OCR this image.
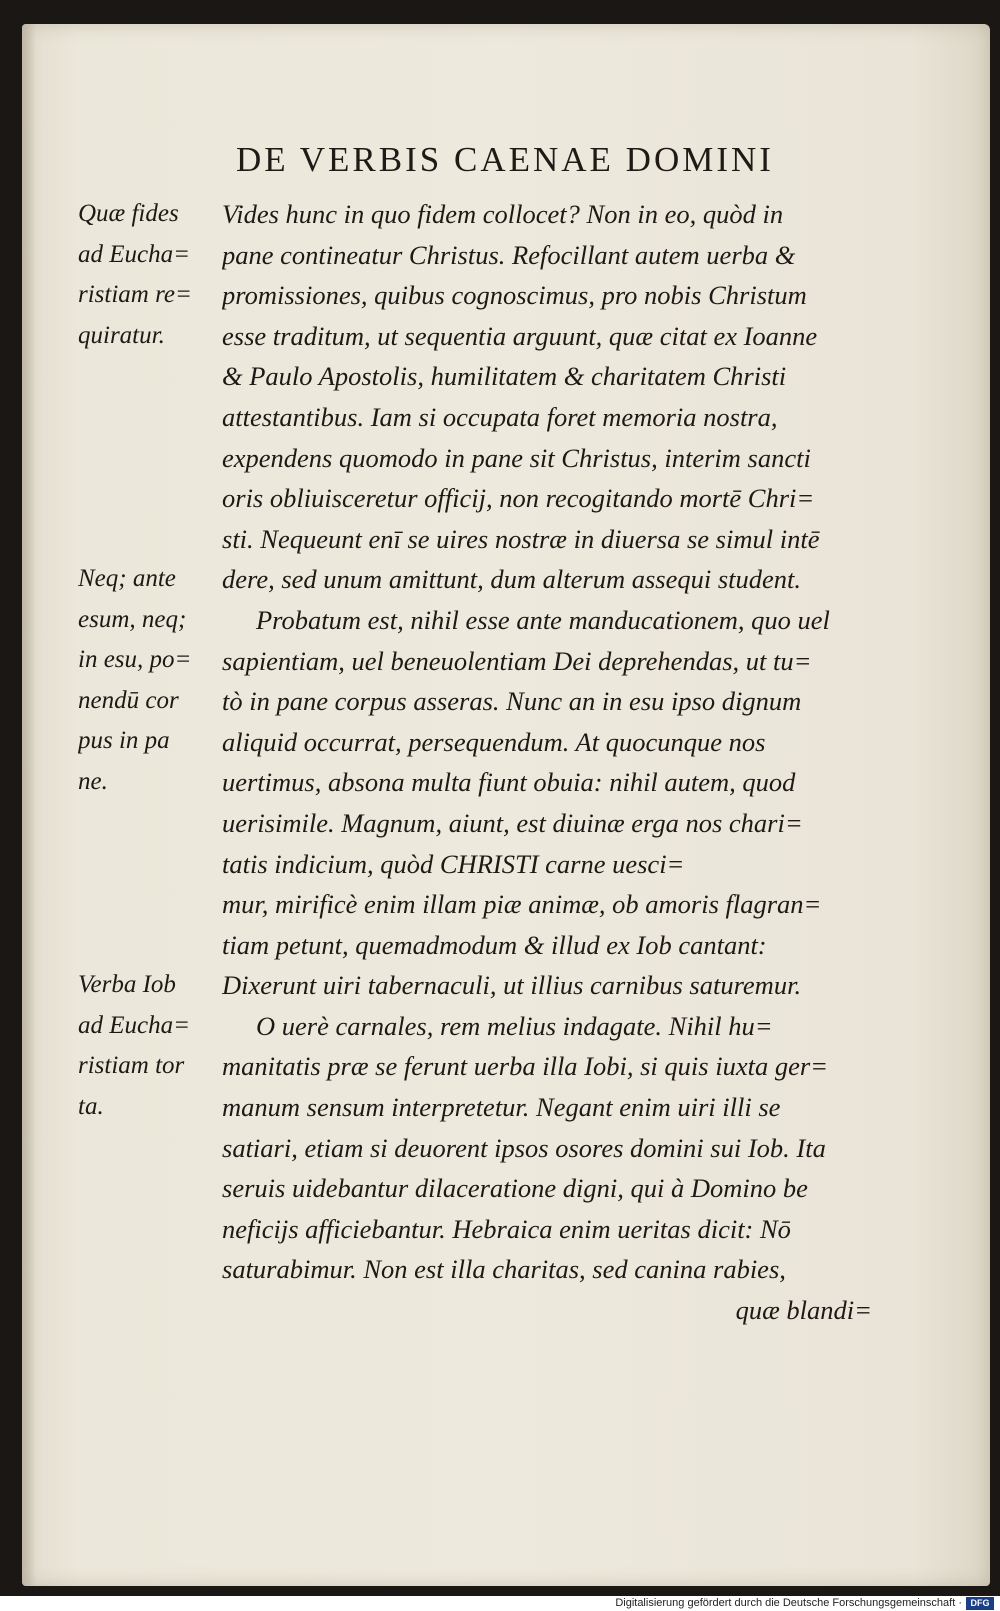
DE VERBIS CAENAE DOMINI
Vides hunc in quo fidem collocet? Non in eo, quòd in
pane contineatur Christus. Refocillant autem uerba &
promissiones, quibus cognoscimus, pro nobis Christum
esse traditum, ut sequentia arguunt, quæ citat ex Ioanne
& Paulo Apostolis, humilitatem & charitatem Christi
attestantibus. Iam si occupata foret memoria nostra,
expendens quomodo in pane sit Christus, interim sancti
oris obliuisceretur officij, non recogitando mortē Chri=
sti. Nequeunt enī se uires nostræ in diuersa se simul intē
dere, sed unum amittunt, dum alterum assequi student.
Probatum est, nihil esse ante manducationem, quo uel
sapientiam, uel beneuolentiam Dei deprehendas, ut tu=
tò in pane corpus asseras. Nunc an in esu ipso dignum
aliquid occurrat, persequendum. At quocunque nos
uertimus, absona multa fiunt obuia: nihil autem, quod
uerisimile. Magnum, aiunt, est diuinæ erga nos chari=
tatis indicium, quòd CHRISTI carne uesci=
mur, mirificè enim illam piæ animæ, ob amoris flagran=
tiam petunt, quemadmodum & illud ex Iob cantant:
Dixerunt uiri tabernaculi, ut illius carnibus saturemur.
O uerè carnales, rem melius indagate. Nihil hu=
manitatis præ se ferunt uerba illa Iobi, si quis iuxta ger=
manum sensum interpretetur. Negant enim uiri illi se
satiari, etiam si deuorent ipsos osores domini sui Iob. Ita
seruis uidebantur dilaceratione digni, qui à Domino be
neficijs afficiebantur. Hebraica enim ueritas dicit: Nō
saturabimur. Non est illa charitas, sed canina rabies,
quæ blandi=
Quæ fides
ad Eucha=
ristiam re=
quiratur.
Neq; ante
esum, neq;
in esu, po=
nendū cor
pus in pa
ne.
Verba Iob
ad Eucha=
ristiam tor
ta.
Digitalisierung gefördert durch die Deutsche Forschungsgemeinschaft · DFG
